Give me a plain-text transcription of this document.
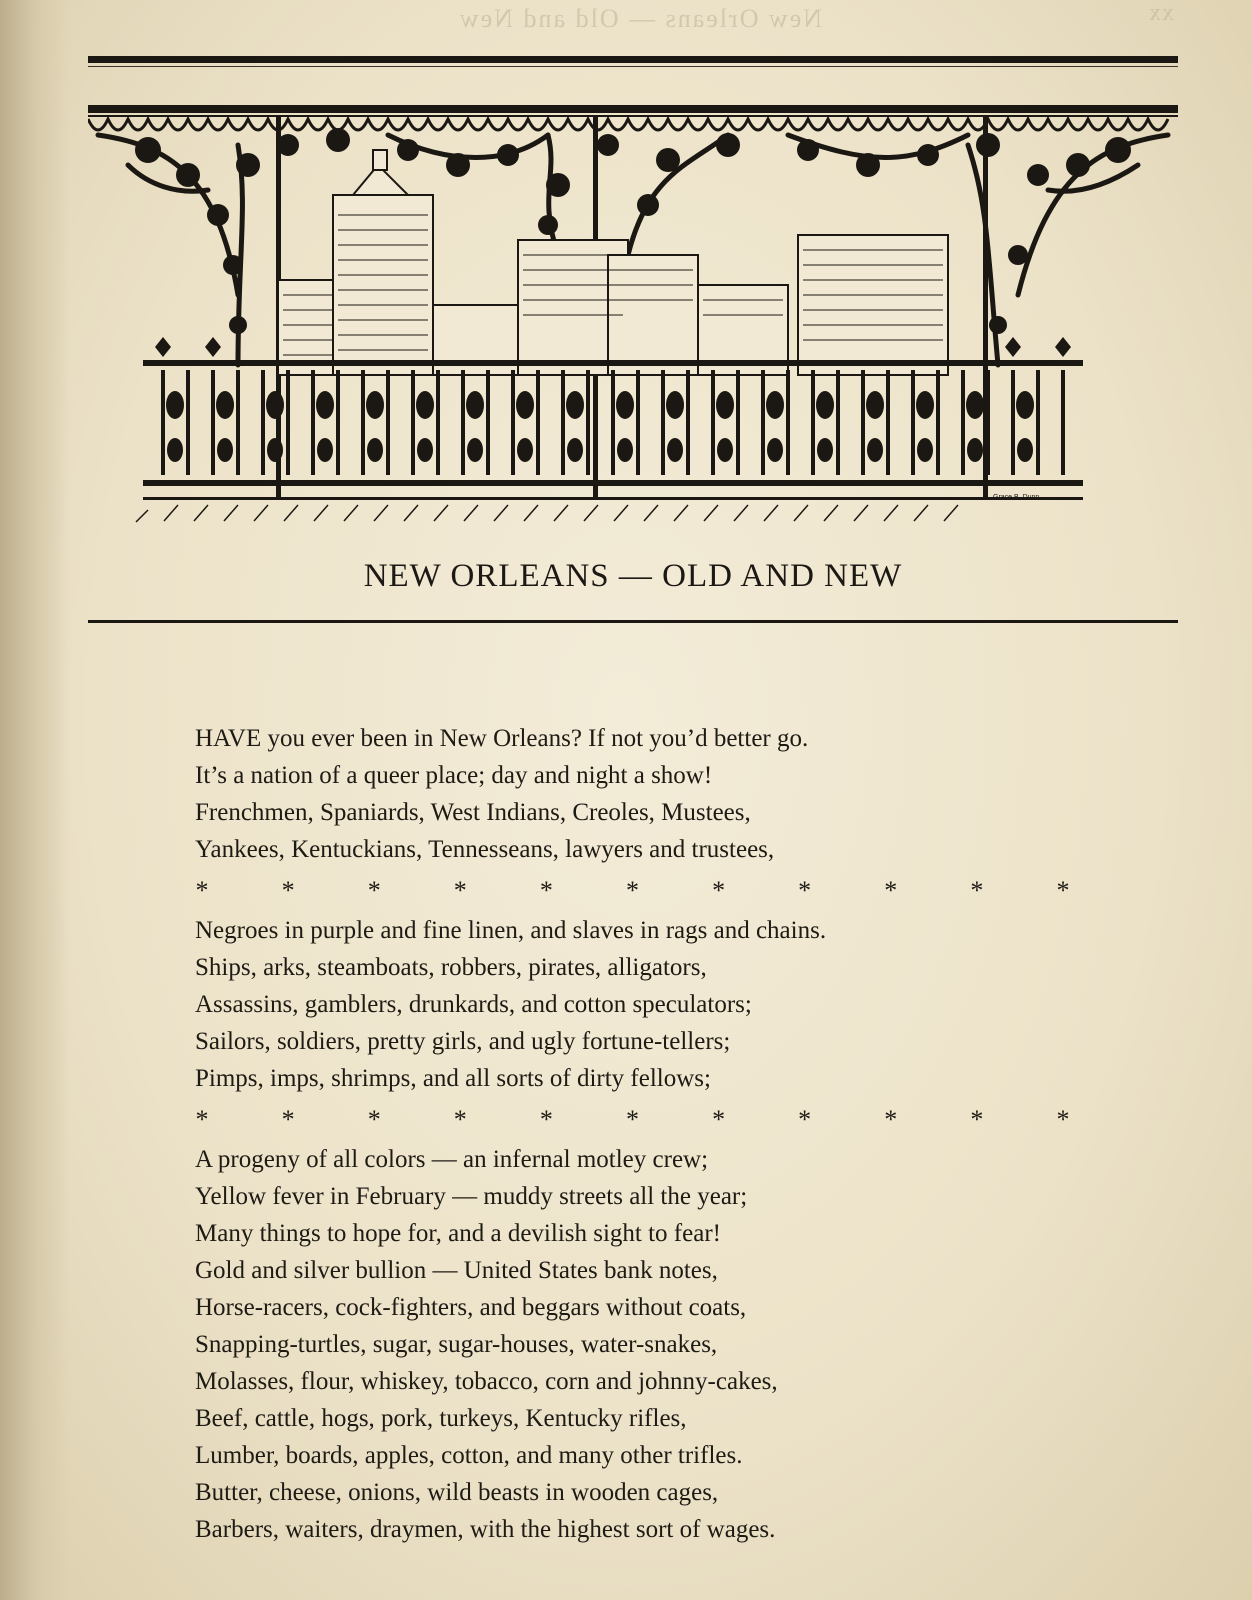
New Orleans — Old and New	xx
Grace B. Dunn
NEW ORLEANS — OLD AND NEW
HAVE you ever been in New Orleans? If not you’d better go.
It’s a nation of a queer place; day and night a show!
Frenchmen, Spaniards, West Indians, Creoles, Mustees,
Yankees, Kentuckians, Tennesseans, lawyers and trustees,
*	*	*	*	*	*	*	*	*	*	*
Negroes in purple and fine linen, and slaves in rags and chains.
Ships, arks, steamboats, robbers, pirates, alligators,
Assassins, gamblers, drunkards, and cotton speculators;
Sailors, soldiers, pretty girls, and ugly fortune-tellers;
Pimps, imps, shrimps, and all sorts of dirty fellows;
*	*	*	*	*	*	*	*	*	*	*
A progeny of all colors — an infernal motley crew;
Yellow fever in February — muddy streets all the year;
Many things to hope for, and a devilish sight to fear!
Gold and silver bullion — United States bank notes,
Horse-racers, cock-fighters, and beggars without coats,
Snapping-turtles, sugar, sugar-houses, water-snakes,
Molasses, flour, whiskey, tobacco, corn and johnny-cakes,
Beef, cattle, hogs, pork, turkeys, Kentucky rifles,
Lumber, boards, apples, cotton, and many other trifles.
Butter, cheese, onions, wild beasts in wooden cages,
Barbers, waiters, draymen, with the highest sort of wages.
